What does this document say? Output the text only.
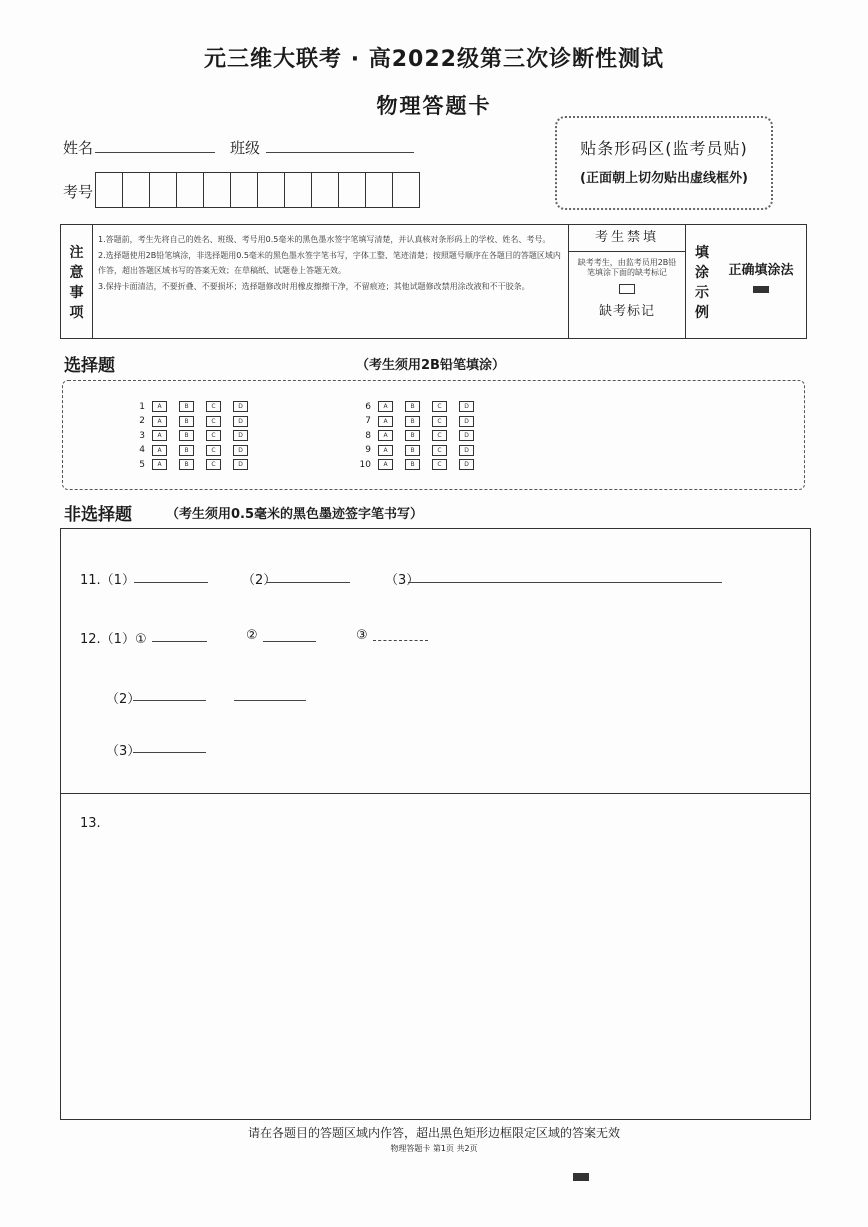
元三维大联考 · 高2022级第三次诊断性测试
物理答题卡
姓名	班级
考号
贴条形码区(监考员贴)
(正面朝上切勿贴出虚线框外)
注意事项
1.答题前，考生先将自己的姓名、班级、考号用0.5毫米的黑色墨水签字笔填写清楚，并认真核对条形码上的学校、姓名、考号。
2.选择题使用2B铅笔填涂，非选择题用0.5毫米的黑色墨水签字笔书写，字体工整、笔迹清楚；按照题号顺序在各题目的答题区域内作答，超出答题区域书写的答案无效；在草稿纸、试题卷上答题无效。
3.保持卡面清洁，不要折叠、不要损坏；选择题修改时用橡皮擦擦干净，不留痕迹；其他试题修改禁用涂改液和不干胶条。
考生禁填
缺考考生，由监考员用2B铅笔填涂下面的缺考标记
缺考标记
填涂示例
正确填涂法
选择题	（考生须用2B铅笔填涂）
1	A	B	C	D
2	A	B	C	D
3	A	B	C	D
4	A	B	C	D
5	A	B	C	D
6	A	B	C	D
7	A	B	C	D
8	A	B	C	D
9	A	B	C	D
10	A	B	C	D
非选择题	（考生须用0.5毫米的黑色墨迹签字笔书写）
11.（1）	（2）	（3）
12.（1）①	②	③
（2）
（3）
13.
请在各题目的答题区域内作答，超出黑色矩形边框限定区域的答案无效
物理答题卡 第1页 共2页
